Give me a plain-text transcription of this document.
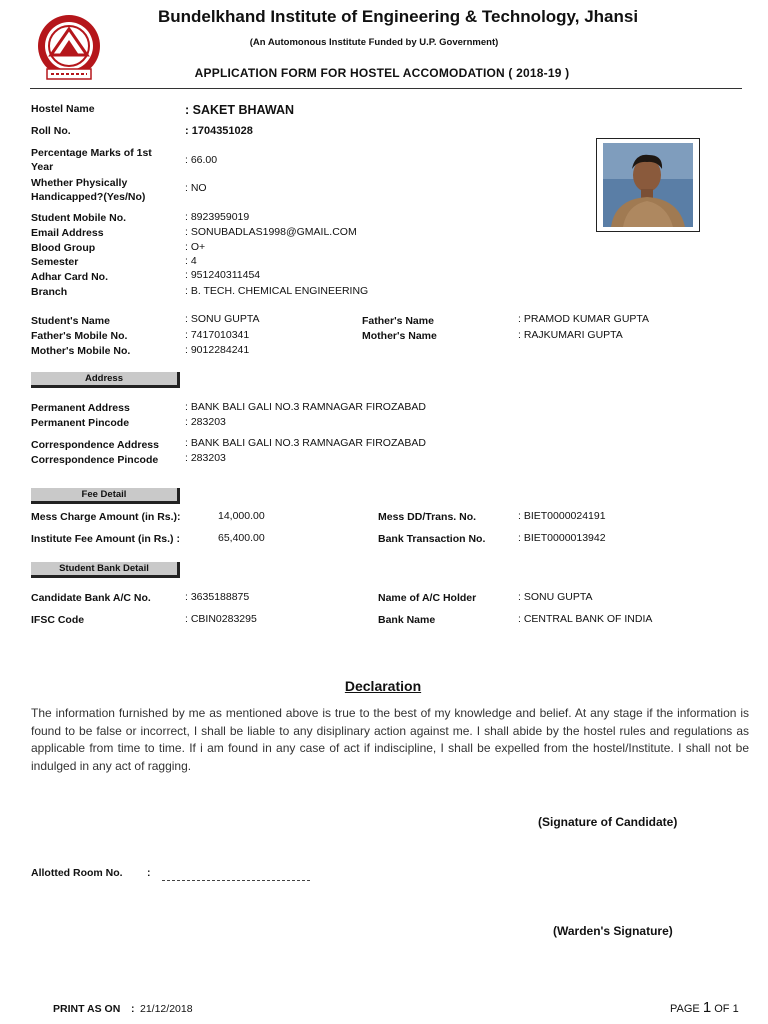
Bundelkhand Institute of Engineering & Technology, Jhansi
(An Automonous Institute Funded by U.P. Government)
APPLICATION FORM FOR HOSTEL ACCOMODATION ( 2018-19 )
Hostel Name	: SAKET BHAWAN
Roll No.	: 1704351028
Percentage Marks of 1st Year
: 66.00
Whether Physically Handicapped?(Yes/No)
: NO
Student Mobile No.	: 8923959019
Email Address	: SONUBADLAS1998@GMAIL.COM
Blood Group	: O+
Semester	: 4
Adhar Card No.	: 951240311454
Branch	: B. TECH. CHEMICAL ENGINEERING
Student's Name	: SONU GUPTA	Father's Name	: PRAMOD KUMAR GUPTA
Father's Mobile No.	: 7417010341	Mother's Name	: RAJKUMARI GUPTA
Mother's Mobile No.	: 9012284241
Address
Permanent Address	: BANK BALI GALI NO.3 RAMNAGAR FIROZABAD
Permanent Pincode	: 283203
Correspondence Address : BANK BALI GALI NO.3 RAMNAGAR FIROZABAD
Correspondence Pincode	: 283203
Fee Detail
Mess Charge Amount (in Rs.):	14,000.00	Mess DD/Trans. No.	: BIET0000024191
Institute Fee Amount (in Rs.) :	65,400.00	Bank Transaction No.	: BIET0000013942
Student Bank Detail
Candidate Bank A/C No.	: 3635188875	Name of A/C Holder	: SONU GUPTA
IFSC Code	: CBIN0283295	Bank Name	: CENTRAL BANK OF INDIA
Declaration
The information furnished by me as mentioned above is true to the best of my knowledge and belief. At any stage if the information is found to be false or incorrect, I shall be liable to any disiplinary action against me. I shall abide by the hostel rules and regulations as applicable from time to time. If i am found in any case of act if indiscipline, I shall be expelled from the hostel/Institute. I shall not be indulged in any act of ragging.
(Signature of Candidate)
Allotted Room No. :
(Warden's Signature)
PRINT AS ON : 21/12/2018	PAGE 1 OF 1
